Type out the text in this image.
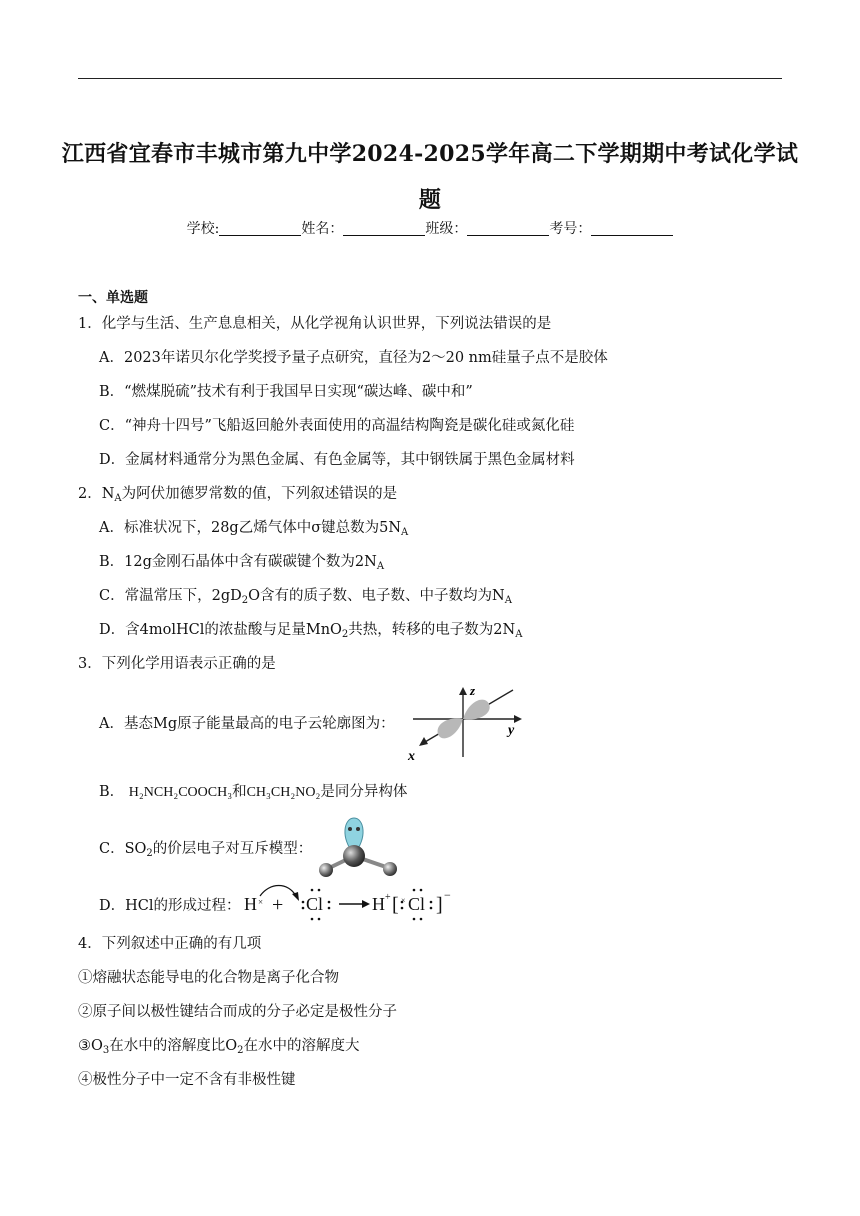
江西省宜春市丰城市第九中学2024-2025学年高二下学期期中考试化学试
题
学校:	姓名：	班级：	考号：
一、单选题
1．化学与生活、生产息息相关，从化学视角认识世界，下列说法错误的是
A．2023年诺贝尔化学奖授予量子点研究，直径为2～20 nm硅量子点不是胶体
B．“燃煤脱硫”技术有利于我国早日实现“碳达峰、碳中和”
C．“神舟十四号”飞船返回舱外表面使用的高温结构陶瓷是碳化硅或氮化硅
D．金属材料通常分为黑色金属、有色金属等，其中钢铁属于黑色金属材料
2．$N_A$为阿伏加德罗常数的值，下列叙述错误的是
A．标准状况下，28g乙烯气体中σ键总数为$5N_A$
B．12g金刚石晶体中含有碳碳键个数为$2N_A$
C．常温常压下，$2gD_2O$含有的质子数、电子数、中子数均为$N_A$
D．含4molHCl的浓盐酸与足量MnO$_2$共热，转移的电子数为$2N_A$
3．下列化学用语表示正确的是
A．基态Mg原子能量最高的电子云轮廓图为：
z
y
x
B． H₂NCH₂COOCH₃和CH₃CH₂NO₂是同分异构体
C．$SO_2$的价层电子对互斥模型：
D．HCl的形成过程： H × + Cl	H + [ × Cl ] −
4．下列叙述中正确的有几项
①熔融状态能导电的化合物是离子化合物
②原子间以极性键结合而成的分子必定是极性分子
$③O_3$在水中的溶解度比$O_2$在水中的溶解度大
④极性分子中一定不含有非极性键
